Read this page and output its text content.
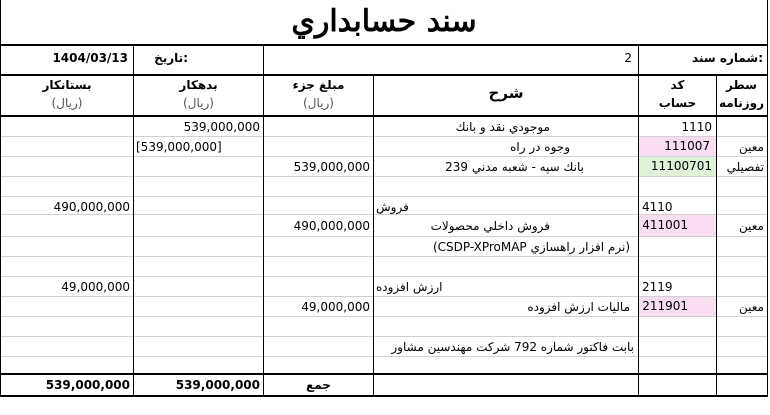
سند حسابداري
شماره سند:
2
تاريخ:
1404/03/13
سطر
روزنامه
كد
حساب
شرح
مبلغ جزء
(ريال)
بدهكار
(ريال)
بستانكار
(ريال)
1110
موجودي نقد و بانك
539,000,000
معين
111007
وجوه در راه
[539,000,000]
تفصيلي
11100701
بانك سپه - شعبه مدني 239
539,000,000
4110
فروش
490,000,000
معين
411001
فروش داخلي محصولات
490,000,000
(نرم افزار راهسازي CSDP-XProMAP)
2119
ارزش افزوده
49,000,000
معين
211901
ماليات ارزش افزوده
49,000,000
بابت فاكتور شماره 792 شركت مهندسين مشاور
جمع
539,000,000
539,000,000
